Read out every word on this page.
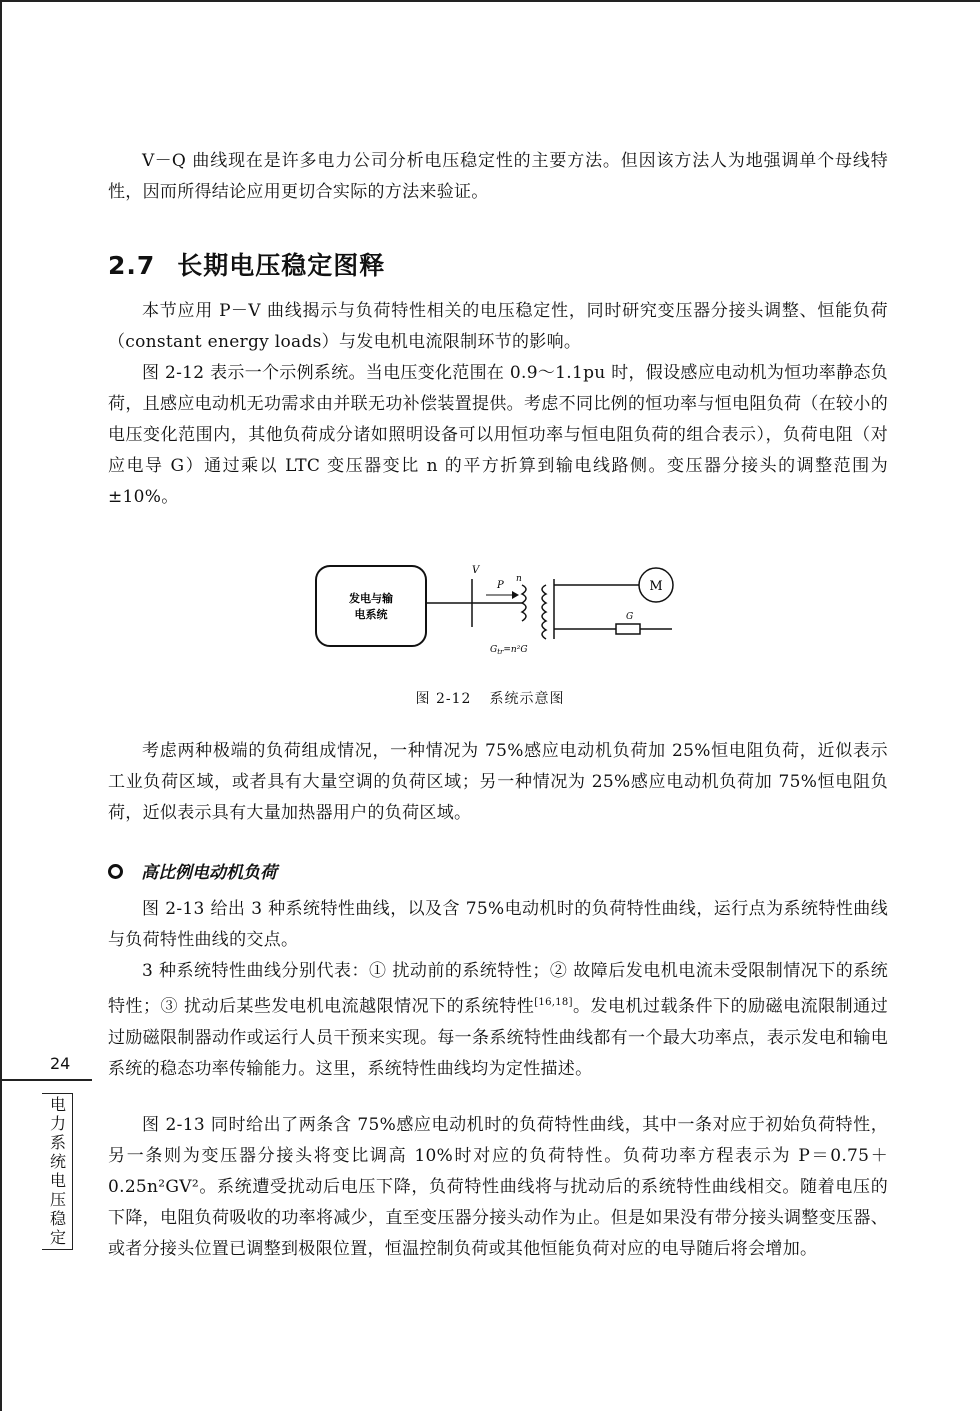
V－Q 曲线现在是许多电力公司分析电压稳定性的主要方法。但因该方法人为地强调单个母线特性，因而所得结论应用更切合实际的方法来验证。
2.7 长期电压稳定图释
本节应用 P－V 曲线揭示与负荷特性相关的电压稳定性，同时研究变压器分接头调整、恒能负荷（constant energy loads）与发电机电流限制环节的影响。
图 2-12 表示一个示例系统。当电压变化范围在 0.9～1.1pu 时，假设感应电动机为恒功率静态负荷，且感应电动机无功需求由并联无功补偿装置提供。考虑不同比例的恒功率与恒电阻负荷（在较小的电压变化范围内，其他负荷成分诸如照明设备可以用恒功率与恒电阻负荷的组合表示），负荷电阻（对应电导 G）通过乘以 LTC 变压器变比 n 的平方折算到输电线路侧。变压器分接头的调整范围为 ±10%。
发电与输
电系统
V
P
n	M
G
$G_{tr}=n^2G$
图 2-12 系统示意图
考虑两种极端的负荷组成情况，一种情况为 75%感应电动机负荷加 25%恒电阻负荷，近似表示工业负荷区域，或者具有大量空调的负荷区域；另一种情况为 25%感应电动机负荷加 75%恒电阻负荷，近似表示具有大量加热器用户的负荷区域。
高比例电动机负荷
图 2-13 给出 3 种系统特性曲线，以及含 75%电动机时的负荷特性曲线，运行点为系统特性曲线与负荷特性曲线的交点。
3 种系统特性曲线分别代表：① 扰动前的系统特性；② 故障后发电机电流未受限制情况下的系统特性；③ 扰动后某些发电机电流越限情况下的系统特性[16,18]。发电机过载条件下的励磁电流限制通过过励磁限制器动作或运行人员干预来实现。每一条系统特性曲线都有一个最大功率点，表示发电和输电系统的稳态功率传输能力。这里，系统特性曲线均为定性描述。
图 2-13 同时给出了两条含 75%感应电动机时的负荷特性曲线，其中一条对应于初始负荷特性，另一条则为变压器分接头将变比调高 10%时对应的负荷特性。负荷功率方程表示为 P＝0.75＋0.25n²GV²。系统遭受扰动后电压下降，负荷特性曲线将与扰动后的系统特性曲线相交。随着电压的下降，电阻负荷吸收的功率将减少，直至变压器分接头动作为止。但是如果没有带分接头调整变压器、或者分接头位置已调整到极限位置，恒温控制负荷或其他恒能负荷对应的电导随后将会增加。
24
电力系统电压稳定
